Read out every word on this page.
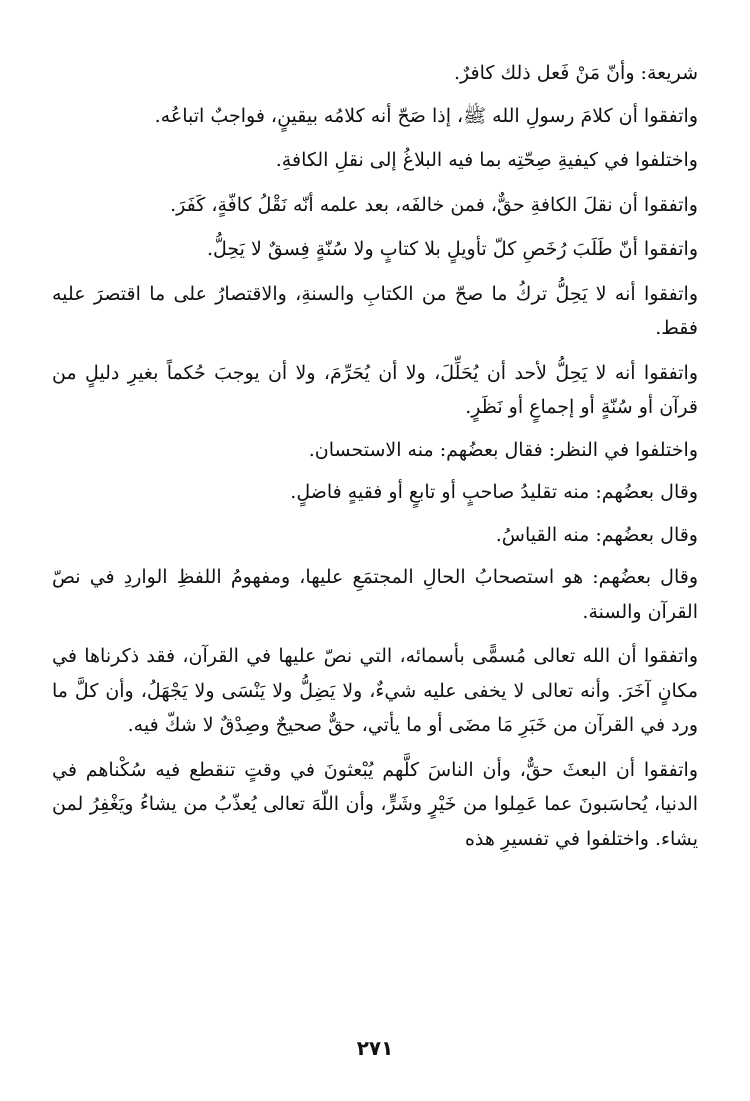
شريعة: وأنّ مَنْ فَعل ذلك كافرٌ.

واتفقوا أن كلامَ رسولِ الله ﷺ، إذا صَحّ أنه كلامُه بيقينٍ، فواجبٌ اتباعُه.

واختلفوا في كيفيةِ صِحّتِه بما فيه البلاغُ إلى نقلِ الكافةِ.

واتفقوا أن نقلَ الكافةِ حقٌّ، فمن خالفَه، بعد علمه أنّه نَقْلُ كافّةٍ، كَفَرَ.

واتفقوا أنّ طَلَبَ رُخَصِ كلّ تأويلٍ بلا كتابٍ ولا سُنّةٍ فِسقٌ لا يَحِلُّ.

واتفقوا أنه لا يَحِلُّ تركُ ما صحّ من الكتابِ والسنةِ، والاقتصارُ على ما اقتصرَ عليه فقط.

واتفقوا أنه لا يَحِلُّ لأحد أن يُحَلِّلَ، ولا أن يُحَرِّمَ، ولا أن يوجبَ حُكماً بغيرِ دليلٍ من قرآن أو سُنّةٍ أو إجماعٍ أو نَظَرٍ.

واختلفوا في النظر: فقال بعضُهم: منه الاستحسان.

وقال بعضُهم: منه تقليدُ صاحبٍ أو تابعٍ أو فقيهٍ فاضلٍ.

وقال بعضُهم: منه القياسُ.

وقال بعضُهم: هو استصحابُ الحالِ المجتمَعِ عليها، ومفهومُ اللفظِ الواردِ في نصّ القرآن والسنة.

واتفقوا أن الله تعالى مُسمًّى بأسمائه، التي نصّ عليها في القرآن، فقد ذكرناها في مكانٍ آخَرَ. وأنه تعالى لا يخفى عليه شيءٌ، ولا يَضِلُّ ولا يَنْسَى ولا يَجْهَلُ، وأن كلَّ ما ورد في القرآن من خَبَرِ مَا مضَى أو ما يأتي، حقٌّ صحيحٌ وصِدْقٌ لا شكّ فيه.

واتفقوا أن البعثَ حقٌّ، وأن الناسَ كلَّهم يُبْعثونَ في وقتٍ تنقطع فيه سُكْناهم في الدنيا، يُحاسَبونَ عما عَمِلوا من خَيْرٍ وشَرٍّ، وأن اللّهَ تعالى يُعذّبُ من يشاءُ ويَغْفِرُ لمن يشاء. واختلفوا في تفسيرِ هذه

٢٧١
